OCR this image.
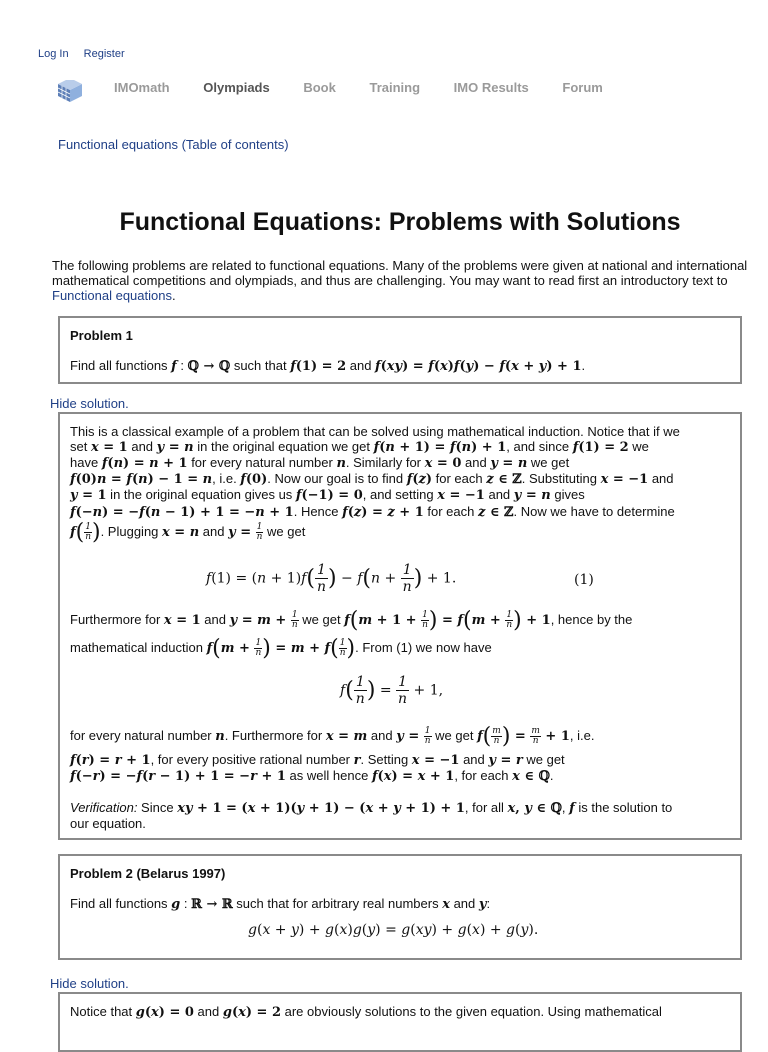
Log In Register
IMOmath	Olympiads	Book	Training	IMO Results	Forum
Functional equations (Table of contents)
Functional Equations: Problems with Solutions
The following problems are related to functional equations. Many of the problems were given at national and international mathematical competitions and olympiads, and thus are challenging. You may want to read first an introductory text to Functional equations.
Problem 1
Find all functions f : ℚ → ℚ such that f(1) = 2 and f(xy) = f(x)f(y) − f(x + y) + 1.
Hide solution.
This is a classical example of a problem that can be solved using mathematical induction. Notice that if we
set x = 1 and y = n in the original equation we get f(n + 1) = f(n) + 1, and since f(1) = 2 we
have f(n) = n + 1 for every natural number n. Similarly for x = 0 and y = n we get
f(0)n = f(n) − 1 = n, i.e. f(0). Now our goal is to find f(z) for each z ∈ ℤ. Substituting x = −1 and
y = 1 in the original equation gives us f(−1) = 0, and setting x = −1 and y = n gives
f(−n) = −f(n − 1) + 1 = −n + 1. Hence f(z) = z + 1 for each z ∈ ℤ. Now we have to determine
$f( \frac{1}{n}$ ). Plugging x = n and $y = \frac{1}{n}$ we get
$f(1) = (n + 1)f( \frac{1}{n}$ ) − $f(n + \frac{1}{n}$ ) + 1.	(1)
Furthermore for x = 1 and $y = m + \frac{1}{n}$ we get $f(m + 1 + \frac{1}{n}$ ) = $f(m + \frac{1}{n}$ ) + 1, hence by the
mathematical induction $f(m + \frac{1}{n}$ ) = $m + f( \frac{1}{n}$ ). From (1) we now have
$f( \frac{1}{n}$ ) = $\frac{1}{n} + 1$,
for every natural number n. Furthermore for x = m and $y = \frac{1}{n}$ we get $f( \frac{m}{n}$ ) = $\frac{m}{n} + 1$, i.e.
f(r) = r + 1, for every positive rational number r. Setting x = −1 and y = r we get
f(−r) = −f(r − 1) + 1 = −r + 1 as well hence f(x) = x + 1, for each x ∈ ℚ.
Verification: Since xy + 1 = (x + 1)(y + 1) − (x + y + 1) + 1, for all x, y ∈ ℚ, f is the solution to
our equation.
Problem 2 (Belarus 1997)
Find all functions g : ℝ → ℝ such that for arbitrary real numbers x and y:
g(x + y) + g(x)g(y) = g(xy) + g(x) + g(y).
Hide solution.
Notice that g(x) = 0 and g(x) = 2 are obviously solutions to the given equation. Using mathematical
